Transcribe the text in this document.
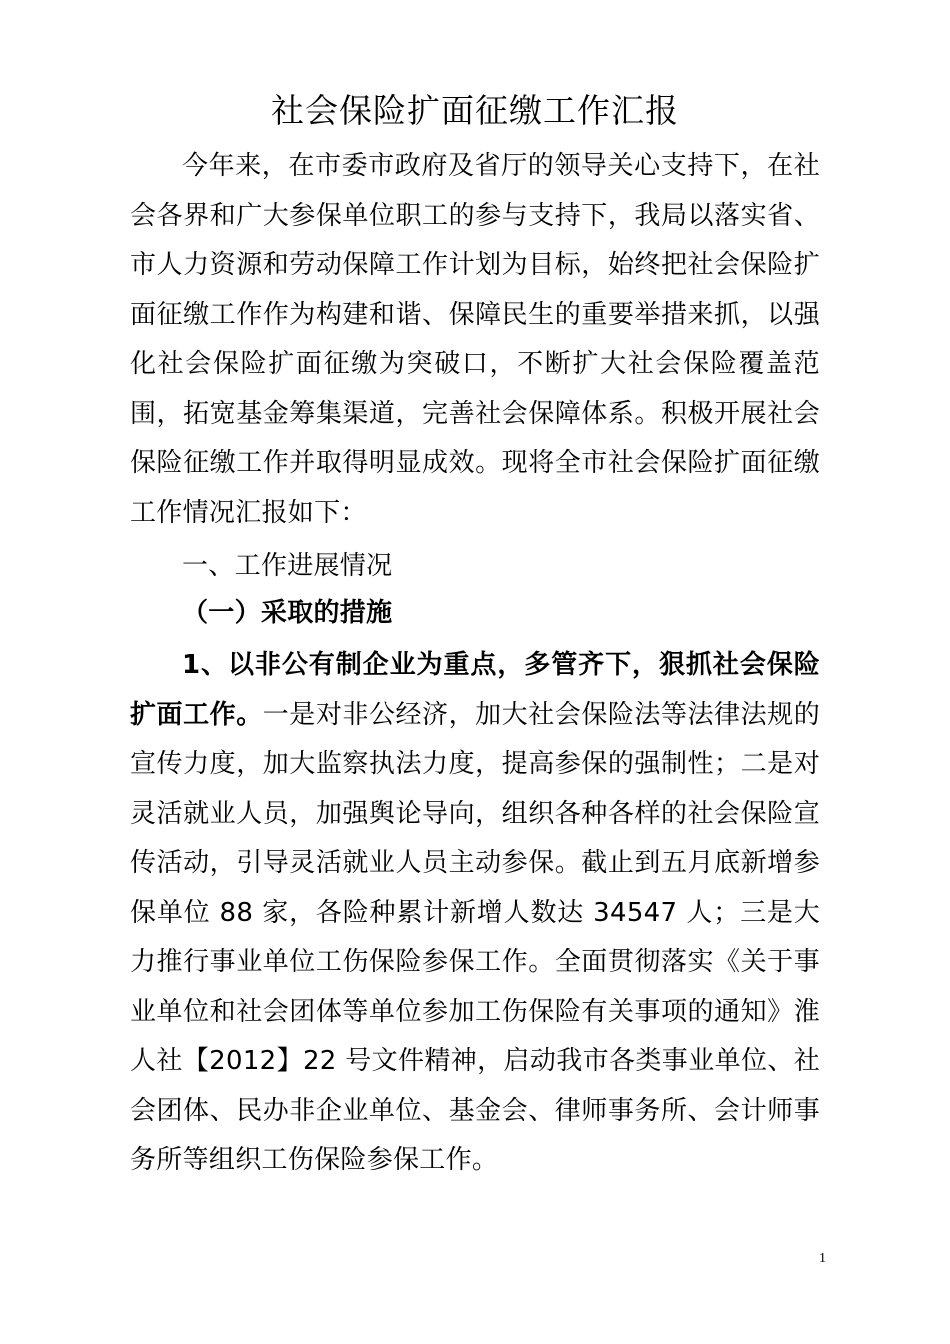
社会保险扩面征缴工作汇报

今年来，在市委市政府及省厅的领导关心支持下，在社会各界和广大参保单位职工的参与支持下，我局以落实省、市人力资源和劳动保障工作计划为目标，始终把社会保险扩面征缴工作作为构建和谐、保障民生的重要举措来抓，以强化社会保险扩面征缴为突破口，不断扩大社会保险覆盖范围，拓宽基金筹集渠道，完善社会保障体系。积极开展社会保险征缴工作并取得明显成效。现将全市社会保险扩面征缴工作情况汇报如下：

一、工作进展情况

（一）采取的措施

1、以非公有制企业为重点，多管齐下，狠抓社会保险扩面工作。一是对非公经济，加大社会保险法等法律法规的宣传力度，加大监察执法力度，提高参保的强制性；二是对灵活就业人员，加强舆论导向，组织各种各样的社会保险宣传活动，引导灵活就业人员主动参保。截止到五月底新增参保单位 88 家，各险种累计新增人数达 34547 人；三是大力推行事业单位工伤保险参保工作。全面贯彻落实《关于事业单位和社会团体等单位参加工伤保险有关事项的通知》淮人社【2012】22 号文件精神，启动我市各类事业单位、社会团体、民办非企业单位、基金会、律师事务所、会计师事务所等组织工伤保险参保工作。

1
